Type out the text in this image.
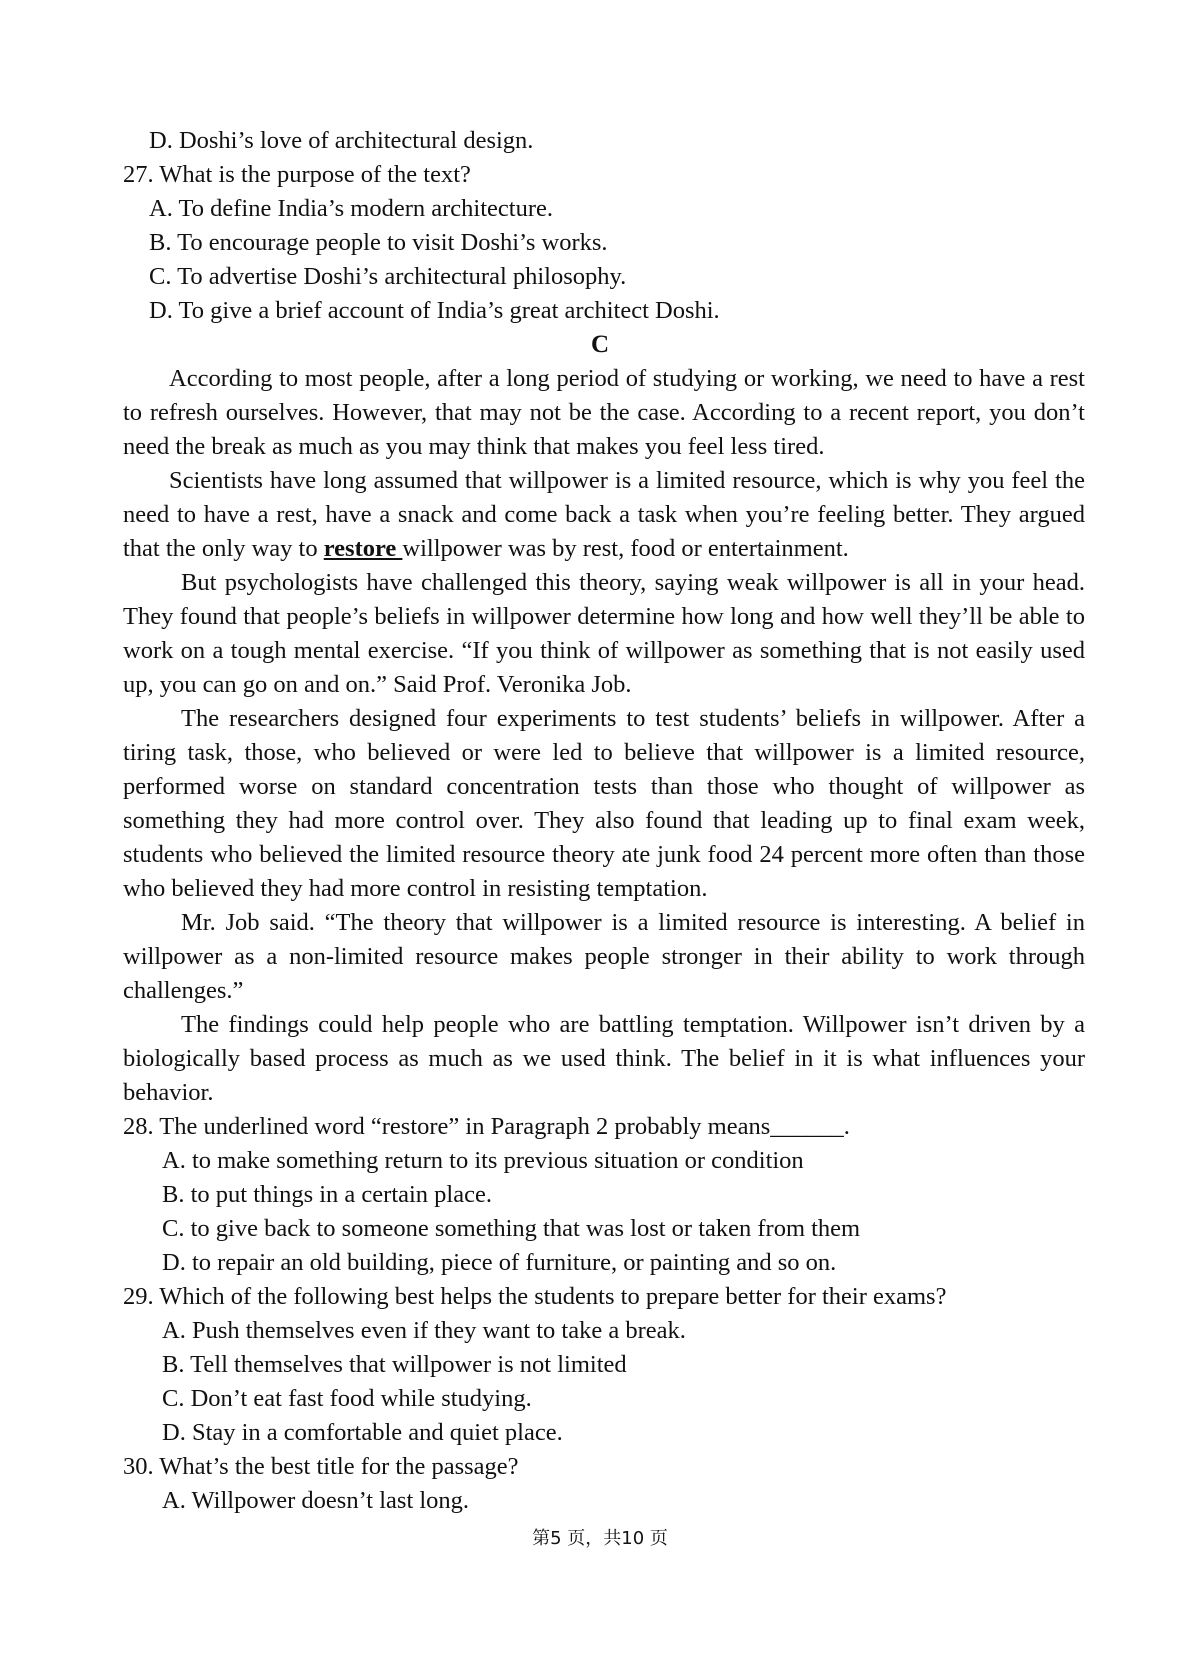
D. Doshi’s love of architectural design.
27. What is the purpose of the text?
A. To define India’s modern architecture.
B. To encourage people to visit Doshi’s works.
C. To advertise Doshi’s architectural philosophy.
D. To give a brief account of India’s great architect Doshi.
C
According to most people, after a long period of studying or working, we need to have a rest to refresh ourselves. However, that may not be the case. According to a recent report, you don’t need the break as much as you may think that makes you feel less tired.
Scientists have long assumed that willpower is a limited resource, which is why you feel the need to have a rest, have a snack and come back a task when you’re feeling better. They argued that the only way to restore willpower was by rest, food or entertainment.
But psychologists have challenged this theory, saying weak willpower is all in your head. They found that people’s beliefs in willpower determine how long and how well they’ll be able to work on a tough mental exercise. “If you think of willpower as something that is not easily used up, you can go on and on.” Said Prof. Veronika Job.
The researchers designed four experiments to test students’ beliefs in willpower. After a tiring task, those, who believed or were led to believe that willpower is a limited resource, performed worse on standard concentration tests than those who thought of willpower as something they had more control over. They also found that leading up to final exam week, students who believed the limited resource theory ate junk food 24 percent more often than those who believed they had more control in resisting temptation.
Mr. Job said. “The theory that willpower is a limited resource is interesting. A belief in willpower as a non-limited resource makes people stronger in their ability to work through challenges.”
The findings could help people who are battling temptation. Willpower isn’t driven by a biologically based process as much as we used think. The belief in it is what influences your behavior.
28. The underlined word “restore” in Paragraph 2 probably means______.
A. to make something return to its previous situation or condition
B. to put things in a certain place.
C. to give back to someone something that was lost or taken from them
D. to repair an old building, piece of furniture, or painting and so on.
29. Which of the following best helps the students to prepare better for their exams?
A. Push themselves even if they want to take a break.
B. Tell themselves that willpower is not limited
C. Don’t eat fast food while studying.
D. Stay in a comfortable and quiet place.
30. What’s the best title for the passage?
A. Willpower doesn’t last long.
第5 页，共10 页
